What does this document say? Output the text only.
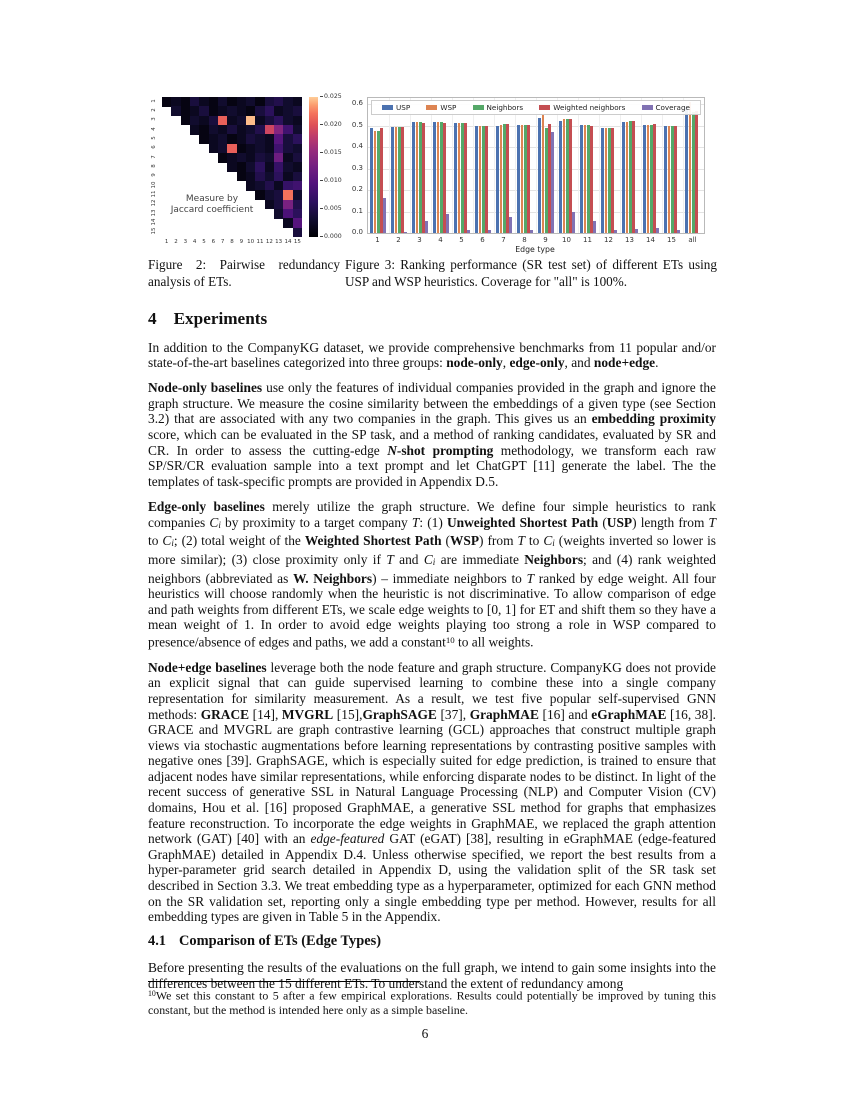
Measure by
Jaccard coefficient
1
2
3
4
5
6
7
8
9
10
11
12
13
14
15
1	2	3	4	5	6	7	8	9 10 11 12 13 14 15
0.025
0.020
0.015
0.010
0.005
0.000
Figure 2: Pairwise redundancy analysis of ETs.
USP	WSP	Neighbors	Weighted neighbors	Coverage
0.0
0.1
0.2
0.3
0.4
0.5
0.6
1	2	3	4	5	6	7	8	9	10	11	12	13	14	15	all
Edge type
Figure 3: Ranking performance (SR test set) of different ETs using USP and WSP heuristics. Coverage for "all" is 100%.
4 Experiments

In addition to the CompanyKG dataset, we provide comprehensive benchmarks from 11 popular and/or state-of-the-art baselines categorized into three groups: node-only, edge-only, and node+edge.

Node-only baselines use only the features of individual companies provided in the graph and ignore the graph structure. We measure the cosine similarity between the embeddings of a given type (see Section 3.2) that are associated with any two companies in the graph. This gives us an embedding proximity score, which can be evaluated in the SP task, and a method of ranking candidates, evaluated by SR and CR. In order to assess the cutting-edge N-shot prompting methodology, we transform each raw SP/SR/CR evaluation sample into a text prompt and let ChatGPT [11] generate the label. The the templates of task-specific prompts are provided in Appendix D.5.

Edge-only baselines merely utilize the graph structure. We define four simple heuristics to rank companies Ci by proximity to a target company T: (1) Unweighted Shortest Path (USP) length from T to Ci; (2) total weight of the Weighted Shortest Path (WSP) from T to Ci (weights inverted so lower is more similar); (3) close proximity only if T and Ci are immediate Neighbors; and (4) rank weighted neighbors (abbreviated as W. Neighbors) – immediate neighbors to T ranked by edge weight. All four heuristics will choose randomly when the heuristic is not discriminative. To allow comparison of edge and path weights from different ETs, we scale edge weights to [0, 1] for ET and shift them so they have a mean weight of 1. In order to avoid edge weights playing too strong a role in WSP compared to presence/absence of edges and paths, we add a constant$^{10}$ to all weights.

Node+edge baselines leverage both the node feature and graph structure. CompanyKG does not provide an explicit signal that can guide supervised learning to combine these into a single company representation for similarity measurement. As a result, we test five popular self-supervised GNN methods: GRACE [14], MVGRL [15],GraphSAGE [37], GraphMAE [16] and eGraphMAE [16, 38]. GRACE and MVGRL are graph contrastive learning (GCL) approaches that construct multiple graph views via stochastic augmentations before learning representations by contrasting positive samples with negative ones [39]. GraphSAGE, which is especially suited for edge prediction, is trained to ensure that adjacent nodes have similar representations, while enforcing disparate nodes to be distinct. In light of the recent success of generative SSL in Natural Language Processing (NLP) and Computer Vision (CV) domains, Hou et al. [16] proposed GraphMAE, a generative SSL method for graphs that emphasizes feature reconstruction. To incorporate the edge weights in GraphMAE, we replaced the graph attention network (GAT) [40] with an edge-featured GAT (eGAT) [38], resulting in eGraphMAE (edge-featured GraphMAE) detailed in Appendix D.4. Unless otherwise specified, we report the best results from a hyper-parameter grid search detailed in Appendix D, using the validation split of the SR task set described in Section 3.3. We treat embedding type as a hyperparameter, optimized for each GNN method on the SR validation set, reporting only a single embedding type per method. However, results for all embedding types are given in Table 5 in the Appendix.

4.1 Comparison of ETs (Edge Types)

Before presenting the results of the evaluations on the full graph, we intend to gain some insights into the differences between the 15 different ETs. To understand the extent of redundancy among

$^{10}$We set this constant to 5 after a few empirical explorations. Results could potentially be improved by tuning this constant, but the method is intended here only as a simple baseline.

6
